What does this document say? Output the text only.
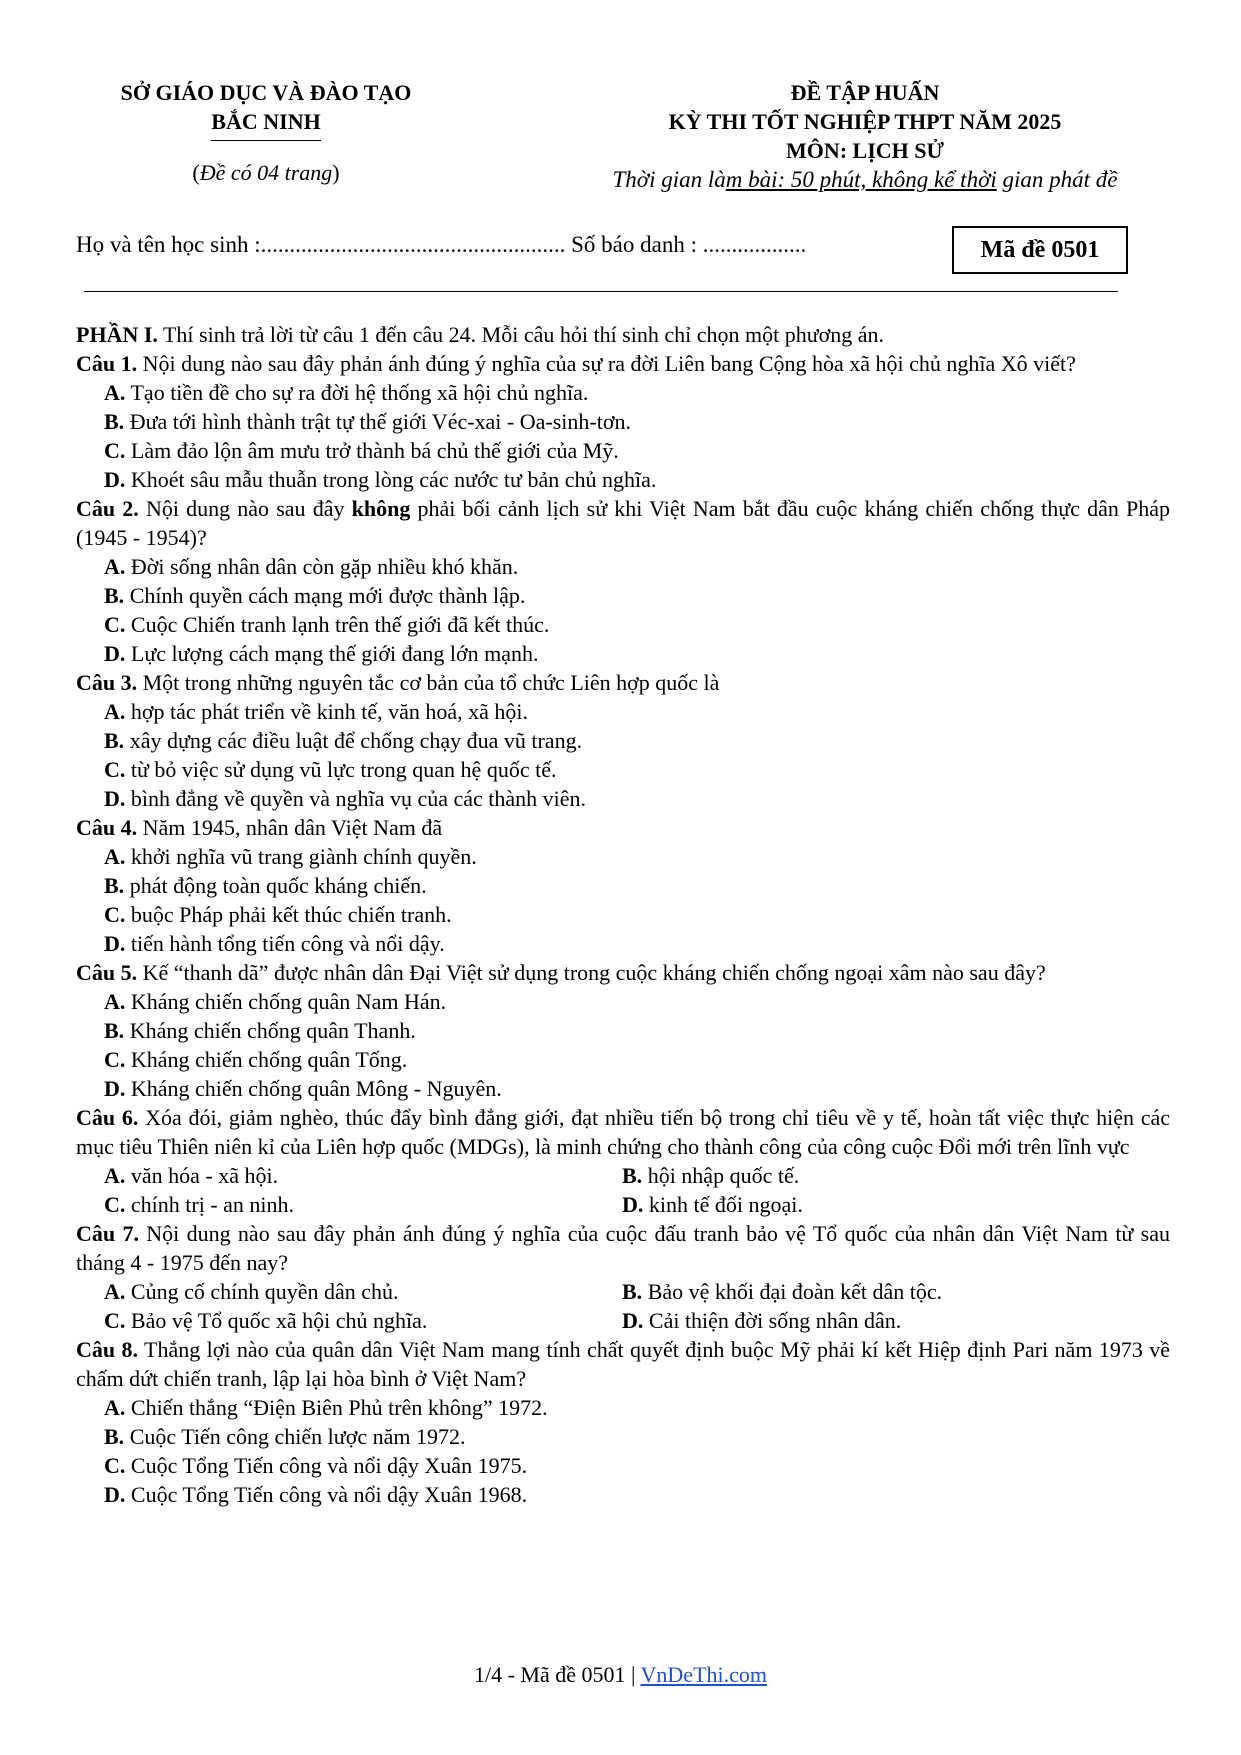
SỞ GIÁO DỤC VÀ ĐÀO TẠO
BẮC NINH
(Đề có 04 trang)
ĐỀ TẬP HUẤN
KỲ THI TỐT NGHIỆP THPT NĂM 2025
MÔN: LỊCH SỬ
Thời gian làm bài: 50 phút, không kể thời gian phát đề
Họ và tên học sinh :..................................................... Số báo danh : ..................	Mã đề 0501

PHẦN I. Thí sinh trả lời từ câu 1 đến câu 24. Mỗi câu hỏi thí sinh chỉ chọn một phương án.

Câu 1. Nội dung nào sau đây phản ánh đúng ý nghĩa của sự ra đời Liên bang Cộng hòa xã hội chủ nghĩa Xô viết?

A. Tạo tiền đề cho sự ra đời hệ thống xã hội chủ nghĩa.

B. Đưa tới hình thành trật tự thế giới Véc-xai - Oa-sinh-tơn.

C. Làm đảo lộn âm mưu trở thành bá chủ thế giới của Mỹ.

D. Khoét sâu mẫu thuẫn trong lòng các nước tư bản chủ nghĩa.

Câu 2. Nội dung nào sau đây không phải bối cảnh lịch sử khi Việt Nam bắt đầu cuộc kháng chiến chống thực dân Pháp (1945 - 1954)?

A. Đời sống nhân dân còn gặp nhiều khó khăn.

B. Chính quyền cách mạng mới được thành lập.

C. Cuộc Chiến tranh lạnh trên thế giới đã kết thúc.

D. Lực lượng cách mạng thế giới đang lớn mạnh.

Câu 3. Một trong những nguyên tắc cơ bản của tổ chức Liên hợp quốc là

A. hợp tác phát triển về kinh tế, văn hoá, xã hội.

B. xây dựng các điều luật để chống chạy đua vũ trang.

C. từ bỏ việc sử dụng vũ lực trong quan hệ quốc tế.

D. bình đẳng về quyền và nghĩa vụ của các thành viên.

Câu 4. Năm 1945, nhân dân Việt Nam đã

A. khởi nghĩa vũ trang giành chính quyền.

B. phát động toàn quốc kháng chiến.

C. buộc Pháp phải kết thúc chiến tranh.

D. tiến hành tổng tiến công và nổi dậy.

Câu 5. Kế “thanh dã” được nhân dân Đại Việt sử dụng trong cuộc kháng chiến chống ngoại xâm nào sau đây?

A. Kháng chiến chống quân Nam Hán.

B. Kháng chiến chống quân Thanh.

C. Kháng chiến chống quân Tống.

D. Kháng chiến chống quân Mông - Nguyên.

Câu 6. Xóa đói, giảm nghèo, thúc đẩy bình đẳng giới, đạt nhiều tiến bộ trong chỉ tiêu về y tế, hoàn tất việc thực hiện các mục tiêu Thiên niên kỉ của Liên hợp quốc (MDGs), là minh chứng cho thành công của công cuộc Đổi mới trên lĩnh vực

A. văn hóa - xã hội.	B. hội nhập quốc tế.
C. chính trị - an ninh.	D. kinh tế đối ngoại.

Câu 7. Nội dung nào sau đây phản ánh đúng ý nghĩa của cuộc đấu tranh bảo vệ Tổ quốc của nhân dân Việt Nam từ sau tháng 4 - 1975 đến nay?

A. Củng cố chính quyền dân chủ.	B. Bảo vệ khối đại đoàn kết dân tộc.
C. Bảo vệ Tổ quốc xã hội chủ nghĩa.	D. Cải thiện đời sống nhân dân.

Câu 8. Thắng lợi nào của quân dân Việt Nam mang tính chất quyết định buộc Mỹ phải kí kết Hiệp định Pari năm 1973 về chấm dứt chiến tranh, lập lại hòa bình ở Việt Nam?

A. Chiến thắng “Điện Biên Phủ trên không” 1972.

B. Cuộc Tiến công chiến lược năm 1972.

C. Cuộc Tổng Tiến công và nổi dậy Xuân 1975.

D. Cuộc Tổng Tiến công và nổi dậy Xuân 1968.

1/4 - Mã đề 0501 | VnDeThi.com
